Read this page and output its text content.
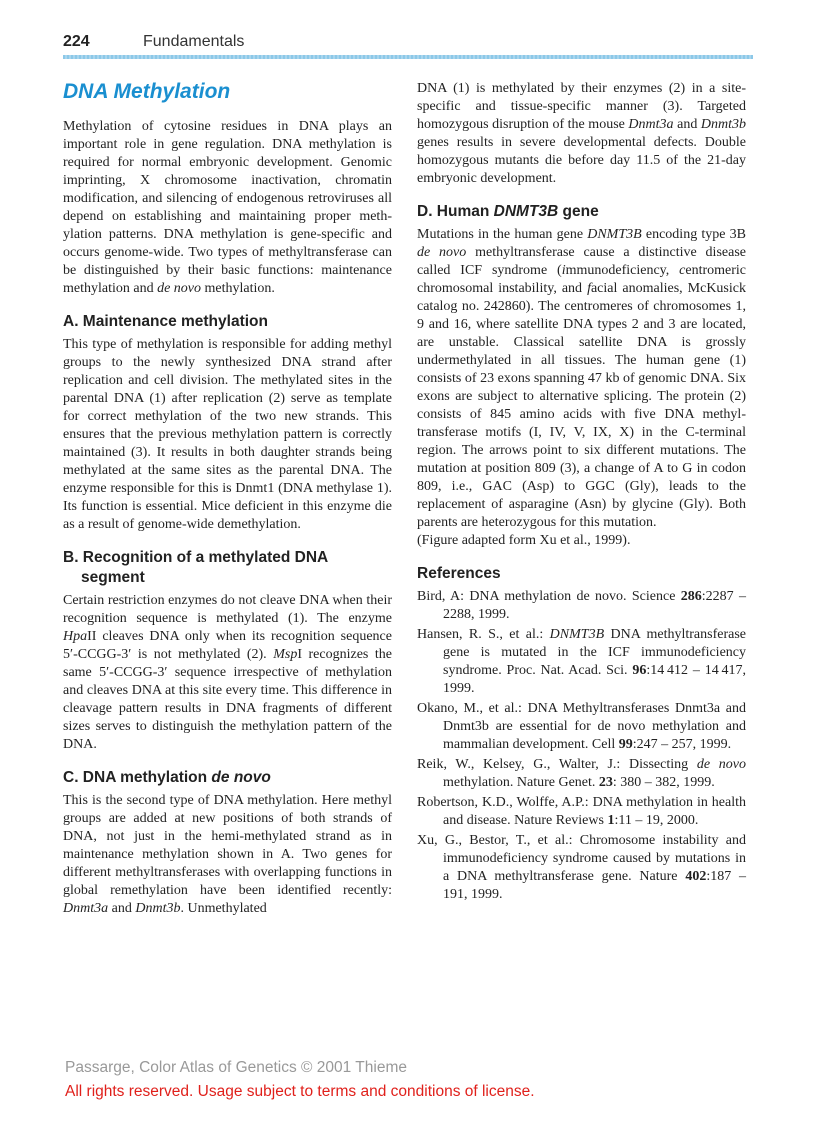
224	Fundamentals
DNA Methylation

Methylation of cytosine residues in DNA plays an important role in gene regulation. DNA methylation is required for normal embryonic development. Genomic imprinting, X chromosome inactivation, chromatin modification, and silencing of endogenous retroviruses all depend on establishing and maintaining proper methylation patterns. DNA methylation is gene-specific and occurs genome-wide. Two types of methyltransferase can be distinguished by their basic functions: maintenance methylation and de novo methylation.

A. Maintenance methylation

This type of methylation is responsible for adding methyl groups to the newly synthesized DNA strand after replication and cell division. The methylated sites in the parental DNA (1) after replication (2) serve as template for correct methylation of the two new strands. This ensures that the previous methylation pattern is correctly maintained (3). It results in both daughter strands being methylated at the same sites as the parental DNA. The enzyme responsible for this is Dnmt1 (DNA methylase 1). Its function is essential. Mice deficient in this enzyme die as a result of genome-wide demethylation.

B. Recognition of a methylated DNA segment

Certain restriction enzymes do not cleave DNA when their recognition sequence is methylated (1). The enzyme HpaII cleaves DNA only when its recognition sequence 5′-CCGG-3′ is not methylated (2). MspI recognizes the same 5′-CCGG-3′ sequence irrespective of methylation and cleaves DNA at this site every time. This difference in cleavage pattern results in DNA fragments of different sizes serves to distinguish the methylation pattern of the DNA.

C. DNA methylation de novo

This is the second type of DNA methylation. Here methyl groups are added at new positions of both strands of DNA, not just in the hemi-methylated strand as in maintenance methylation shown in A. Two genes for different methyltransferases with overlapping functions in global remethylation have been identified recently: Dnmt3a and Dnmt3b. Unmethylated

DNA (1) is methylated by their enzymes (2) in a site-specific and tissue-specific manner (3). Targeted homozygous disruption of the mouse Dnmt3a and Dnmt3b genes results in severe developmental defects. Double homozygous mutants die before day 11.5 of the 21-day embryonic development.

D. Human DNMT3B gene

Mutations in the human gene DNMT3B encoding type 3B de novo methyltransferase cause a distinctive disease called ICF syndrome (immunodeficiency, centromeric chromosomal instability, and facial anomalies, McKusick catalog no. 242860). The centromeres of chromosomes 1, 9 and 16, where satellite DNA types 2 and 3 are located, are unstable. Classical satellite DNA is grossly undermethylated in all tissues. The human gene (1) consists of 23 exons spanning 47 kb of genomic DNA. Six exons are subject to alternative splicing. The protein (2) consists of 845 amino acids with five DNA methyltransferase motifs (I, IV, V, IX, X) in the C-terminal region. The arrows point to six different mutations. The mutation at position 809 (3), a change of A to G in codon 809, i.e., GAC (Asp) to GGC (Gly), leads to the replacement of asparagine (Asn) by glycine (Gly). Both parents are heterozygous for this mutation.

(Figure adapted form Xu et al., 1999).

References

Bird, A: DNA methylation de novo. Science 286:2287 – 2288, 1999.

Hansen, R. S., et al.: DNMT3B DNA methyltransferase gene is mutated in the ICF immunodeficiency syndrome. Proc. Nat. Acad. Sci. 96:14 412 – 14 417, 1999.

Okano, M., et al.: DNA Methyltransferases Dnmt3a and Dnmt3b are essential for de novo methylation and mammalian development. Cell 99:247 – 257, 1999.

Reik, W., Kelsey, G., Walter, J.: Dissecting de novo methylation. Nature Genet. 23: 380 – 382, 1999.

Robertson, K.D., Wolffe, A.P.: DNA methylation in health and disease. Nature Reviews 1:11 – 19, 2000.

Xu, G., Bestor, T., et al.: Chromosome instability and immunodeficiency syndrome caused by mutations in a DNA methyltransferase gene. Nature 402:187 – 191, 1999.

Passarge, Color Atlas of Genetics © 2001 Thieme
All rights reserved. Usage subject to terms and conditions of license.
